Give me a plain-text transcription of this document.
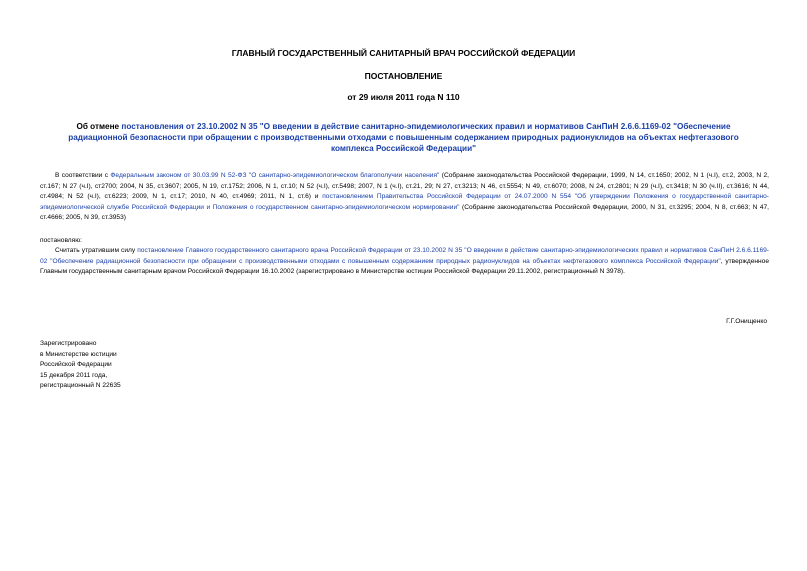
ГЛАВНЫЙ ГОСУДАРСТВЕННЫЙ САНИТАРНЫЙ ВРАЧ РОССИЙСКОЙ ФЕДЕРАЦИИ
ПОСТАНОВЛЕНИЕ
от 29 июля 2011 года N 110
Об отмене постановления от 23.10.2002 N 35 "О введении в действие санитарно-эпидемиологических правил и нормативов СанПиН 2.6.6.1169-02 "Обеспечение радиационной безопасности при обращении с производственными отходами с повышенным содержанием природных радионуклидов на объектах нефтегазового комплекса Российской Федерации"
В соответствии с Федеральным законом от 30.03.99 N 52-ФЗ "О санитарно-эпидемиологическом благополучии населения" (Собрание законодательства Российской Федерации, 1999, N 14, ст.1650; 2002, N 1 (ч.I), ст.2, 2003, N 2, ст.167; N 27 (ч.I), ст2700; 2004, N 35, ст.3607; 2005, N 19, ст.1752; 2006, N 1, ст.10; N 52 (ч.I), ст.5498; 2007, N 1 (ч.I), ст.21, 29; N 27, ст.3213; N 46, ст.5554; N 49, ст.6070; 2008, N 24, ст.2801; N 29 (ч.I), ст.3418; N 30 (ч.II), ст.3616; N 44, ст.4984; N 52 (ч.I), ст.6223; 2009, N 1, ст.17; 2010, N 40, ст.4969; 2011, N 1, ст.6) и постановлением Правительства Российской Федерации от 24.07.2000 N 554 "Об утверждении Положения о государственной санитарно-эпидемиологической службе Российской Федерации и Положения о государственном санитарно-эпидемиологическом нормировании" (Собрание законодательства Российской Федерации, 2000, N 31, ст.3295; 2004, N 8, ст.663; N 47, ст.4666; 2005, N 39, ст.3953)
постановляю:
Считать утратившим силу постановление Главного государственного санитарного врача Российской Федерации от 23.10.2002 N 35 "О введении в действие санитарно-эпидемиологических правил и нормативов СанПиН 2.6.6.1169-02 "Обеспечение радиационной безопасности при обращении с производственными отходами с повышенным содержанием природных радионуклидов на объектах нефтегазового комплекса Российской Федерации", утвержденное Главным государственным санитарным врачом Российской Федерации 16.10.2002 (зарегистрировано в Министерстве юстиции Российской Федерации 29.11.2002, регистрационный N 3978).
Г.Г.Онищенко
Зарегистрировано
в Министерстве юстиции
Российской Федерации
15 декабря 2011 года,
регистрационный N 22635
